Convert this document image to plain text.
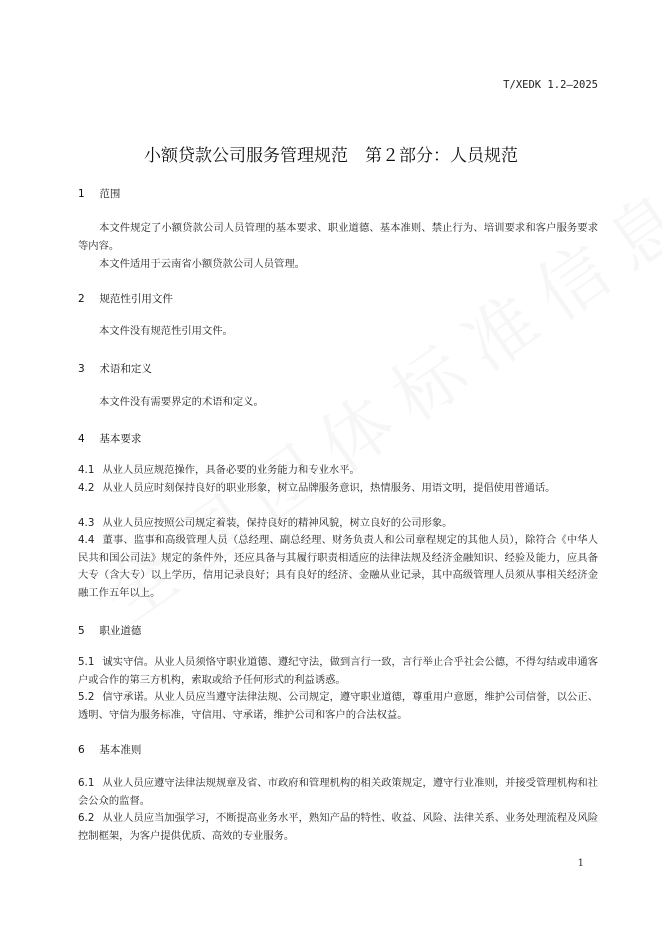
T/XEDK 1.2—2025
小额贷款公司服务管理规范　第２部分：人员规范
1 范围
本文件规定了小额贷款公司人员管理的基本要求、职业道德、基本准则、禁止行为、培训要求和客户服务要求等内容。
本文件适用于云南省小额贷款公司人员管理。
2 规范性引用文件
本文件没有规范性引用文件。
3 术语和定义
本文件没有需要界定的术语和定义。
4 基本要求
4.1 从业人员应规范操作，具备必要的业务能力和专业水平。
4.2 从业人员应时刻保持良好的职业形象，树立品牌服务意识，热情服务、用语文明，提倡使用普通话。
4.3 从业人员应按照公司规定着装，保持良好的精神风貌，树立良好的公司形象。
4.4 董事、监事和高级管理人员（总经理、副总经理、财务负责人和公司章程规定的其他人员），除符合《中华人民共和国公司法》规定的条件外，还应具备与其履行职责相适应的法律法规及经济金融知识、经验及能力，应具备大专（含大专）以上学历，信用记录良好；具有良好的经济、金融从业记录，其中高级管理人员须从事相关经济金融工作五年以上。
5 职业道德
5.1 诚实守信。从业人员须恪守职业道德、遵纪守法，做到言行一致，言行举止合乎社会公德，不得勾结或串通客户或合作的第三方机构，索取或给予任何形式的利益诱惑。
5.2 信守承诺。从业人员应当遵守法律法规、公司规定，遵守职业道德，尊重用户意愿，维护公司信誉，以公正、透明、守信为服务标准，守信用、守承诺，维护公司和客户的合法权益。
6 基本准则
6.1 从业人员应遵守法律法规规章及省、市政府和管理机构的相关政策规定，遵守行业准则，并接受管理机构和社会公众的监督。
6.2 从业人员应当加强学习，不断提高业务水平，熟知产品的特性、收益、风险、法律关系、业务处理流程及风险控制框架，为客户提供优质、高效的专业服务。
1
